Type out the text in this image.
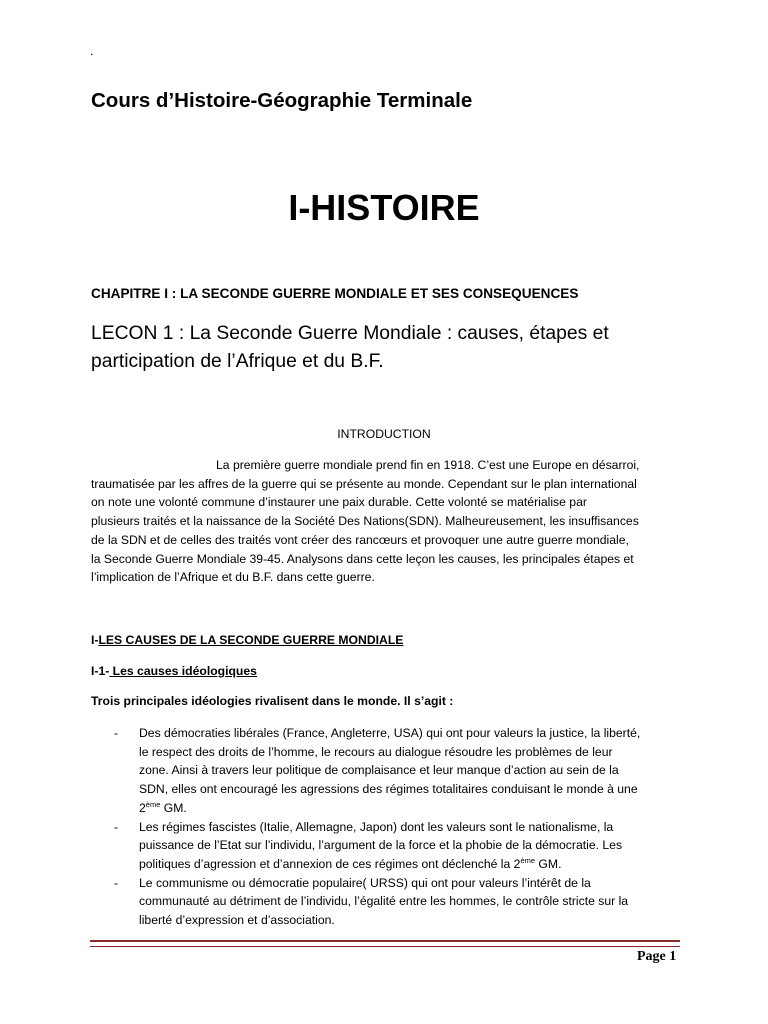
.
Cours d’Histoire-Géographie Terminale
I-HISTOIRE
CHAPITRE I : LA SECONDE GUERRE MONDIALE ET SES CONSEQUENCES
LECON 1 : La Seconde Guerre Mondiale : causes, étapes et
participation de l’Afrique et du B.F.
INTRODUCTION
La première guerre mondiale prend fin en 1918. C’est une Europe en désarroi,
traumatisée par les affres de la guerre qui se présente au monde. Cependant sur le plan international
on note une volonté commune d’instaurer une paix durable. Cette volonté se matérialise par
plusieurs traités et la naissance de la Société Des Nations(SDN). Malheureusement, les insuffisances
de la SDN et de celles des traités vont créer des rancœurs et provoquer une autre guerre mondiale,
la Seconde Guerre Mondiale 39-45. Analysons dans cette leçon les causes, les principales étapes et
l’implication de l’Afrique et du B.F. dans cette guerre.
I-LES CAUSES DE LA SECONDE GUERRE MONDIALE
I-1- Les causes idéologiques
Trois principales idéologies rivalisent dans le monde. Il s’agit :
- Des démocraties libérales (France, Angleterre, USA) qui ont pour valeurs la justice, la liberté,
le respect des droits de l’homme, le recours au dialogue résoudre les problèmes de leur
zone. Ainsi à travers leur politique de complaisance et leur manque d’action au sein de la
SDN, elles ont encouragé les agressions des régimes totalitaires conduisant le monde à une
2ème GM.
- Les régimes fascistes (Italie, Allemagne, Japon) dont les valeurs sont le nationalisme, la
puissance de l’Etat sur l’individu, l’argument de la force et la phobie de la démocratie. Les
politiques d’agression et d’annexion de ces régimes ont déclenché la 2ème GM.
- Le communisme ou démocratie populaire( URSS) qui ont pour valeurs l’intérêt de la
communauté au détriment de l’individu, l’égalité entre les hommes, le contrôle stricte sur la
liberté d’expression et d’association.
Page 1
